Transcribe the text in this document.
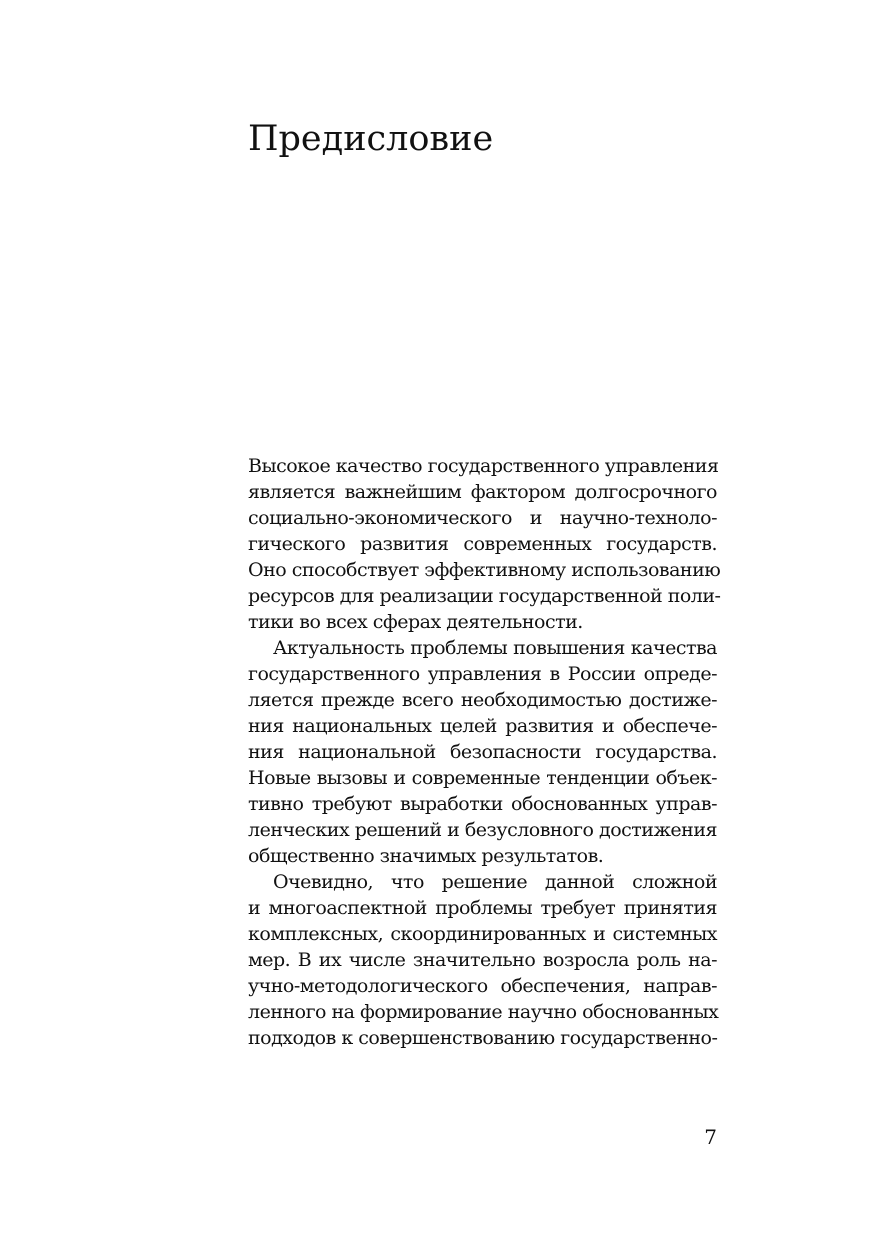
Предисловие

Высокое качество государственного управления
является важнейшим фактором долгосрочного
социально-экономического и научно-техноло-
гического развития современных государств.
Оно способствует эффективному использованию
ресурсов для реализации государственной поли-
тики во всех сферах деятельности.

Актуальность проблемы повышения качества
государственного управления в России опреде-
ляется прежде всего необходимостью достиже-
ния национальных целей развития и обеспече-
ния национальной безопасности государства.
Новые вызовы и современные тенденции объек-
тивно требуют выработки обоснованных управ-
ленческих решений и безусловного достижения
общественно значимых результатов.

Очевидно, что решение данной сложной
и многоаспектной проблемы требует принятия
комплексных, скоординированных и системных
мер. В их числе значительно возросла роль на-
учно-методологического обеспечения, направ-
ленного на формирование научно обоснованных
подходов к совершенствованию государственно-

7
